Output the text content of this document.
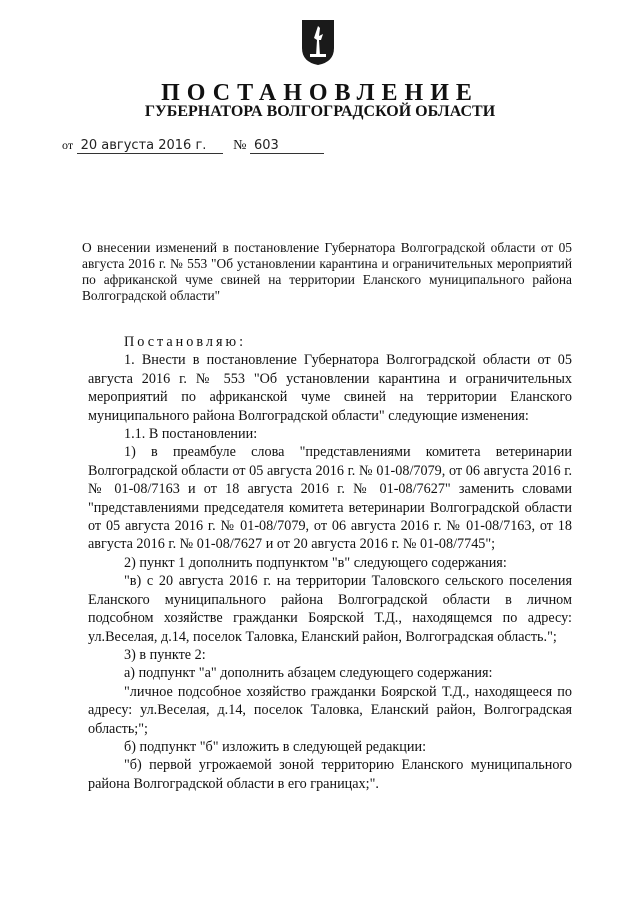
ПОСТАНОВЛЕНИЕ
ГУБЕРНАТОРА ВОЛГОГРАДСКОЙ ОБЛАСТИ
от 20 августа 2016 г. № 603
О внесении изменений в постановление Губернатора Волгоградской области от 05 августа 2016 г. № 553 "Об установлении карантина и ограничительных мероприятий по африканской чуме свиней на территории Еланского муниципального района Волгоградской области"

Постановляю:

1. Внести в постановление Губернатора Волгоградской области от 05 августа 2016 г. № 553 "Об установлении карантина и ограничительных мероприятий по африканской чуме свиней на территории Еланского муниципального района Волгоградской области" следующие изменения:

1.1. В постановлении:

1) в преамбуле слова "представлениями комитета ветеринарии Волгоградской области от 05 августа 2016 г. № 01-08/7079, от 06 августа 2016 г. № 01-08/7163 и от 18 августа 2016 г. № 01-08/7627" заменить словами "представлениями председателя комитета ветеринарии Волгоградской области от 05 августа 2016 г. № 01-08/7079, от 06 августа 2016 г. № 01-08/7163, от 18 августа 2016 г. № 01-08/7627 и от 20 августа 2016 г. № 01-08/7745";

2) пункт 1 дополнить подпунктом "в" следующего содержания:

"в) с 20 августа 2016 г. на территории Таловского сельского поселения Еланского муниципального района Волгоградской области в личном подсобном хозяйстве гражданки Боярской Т.Д., находящемся по адресу: ул.Веселая, д.14, поселок Таловка, Еланский район, Волгоградская область.";

3) в пункте 2:

а) подпункт "а" дополнить абзацем следующего содержания:

"личное подсобное хозяйство гражданки Боярской Т.Д., находящееся по адресу: ул.Веселая, д.14, поселок Таловка, Еланский район, Волгоградская область;";

б) подпункт "б" изложить в следующей редакции:

"б) первой угрожаемой зоной территорию Еланского муниципального района Волгоградской области в его границах;".
